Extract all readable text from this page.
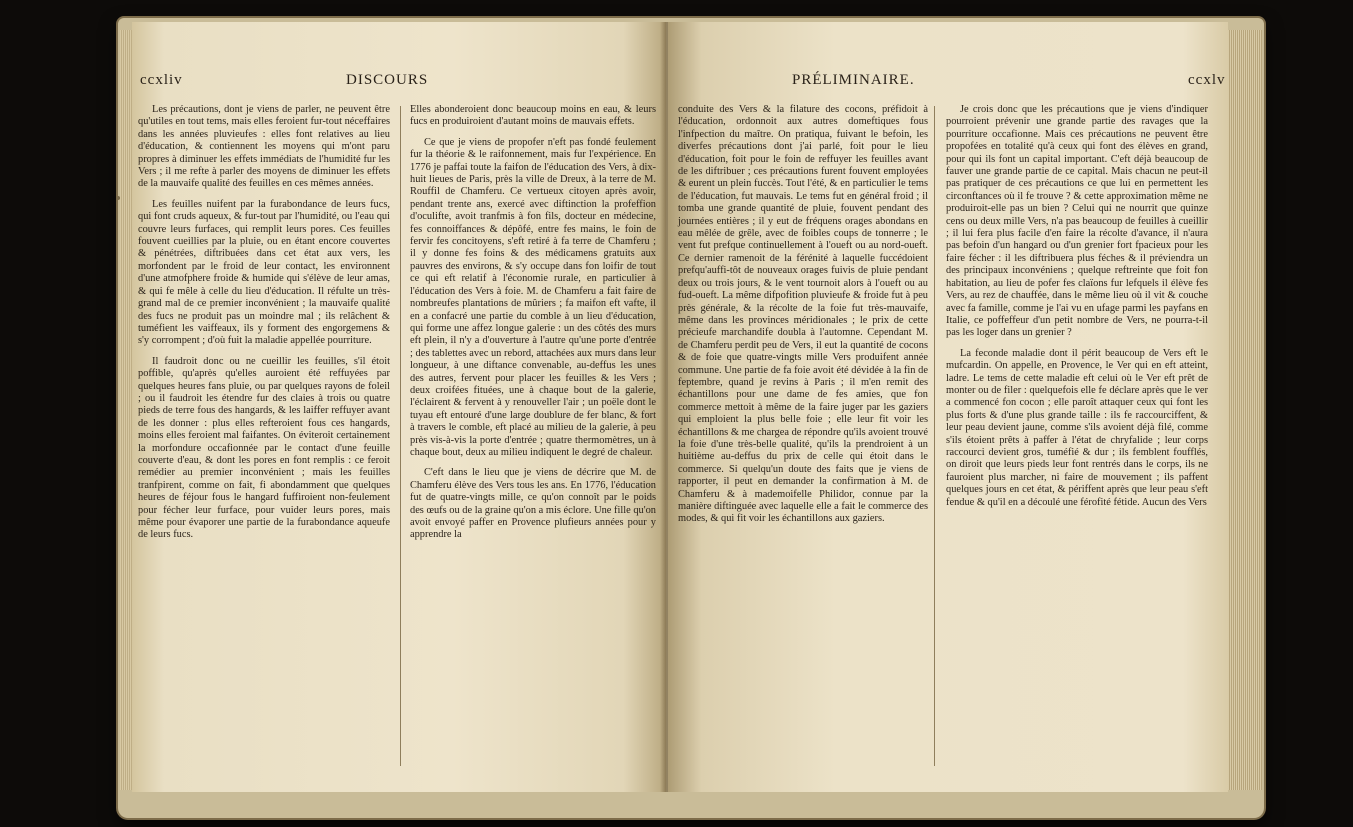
ccxliv	DISCOURS

Les précautions, dont je viens de parler, ne peuvent être qu'utiles en tout tems, mais elles feroient fur-tout néceffaires dans les années pluvieufes : elles font relatives au lieu d'éducation, & contiennent les moyens qui m'ont paru propres à diminuer les effets immédiats de l'humidité fur les Vers ; il me refte à parler des moyens de diminuer les effets de la mauvaife qualité des feuilles en ces mêmes années.

Les feuilles nuifent par la furabondance de leurs fucs, qui font cruds aqueux, & fur-tout par l'humidité, ou l'eau qui couvre leurs furfaces, qui remplit leurs pores. Ces feuilles fouvent cueillies par la pluie, ou en étant encore couvertes & pénétrées, diftribuées dans cet état aux vers, les morfondent par le froid de leur contact, les environnent d'une atmofphere froide & humide qui s'élève de leur amas, & qui fe mêle à celle du lieu d'éducation. Il réfulte un très-grand mal de ce premier inconvénient ; la mauvaife qualité des fucs ne produit pas un moindre mal ; ils relâchent & tuméfient les vaiffeaux, ils y forment des engorgemens & s'y corrompent ; d'où fuit la maladie appellée pourriture.

Il faudroit donc ou ne cueillir les feuilles, s'il étoit poffible, qu'après qu'elles auroient été reffuyées par quelques heures fans pluie, ou par quelques rayons de foleil ; ou il faudroit les étendre fur des claies à trois ou quatre pieds de terre fous des hangards, & les laiffer reffuyer avant de les donner : plus elles refteroient fous ces hangards, moins elles feroient mal faifantes. On éviteroit certainement la morfondure occafionnée par le contact d'une feuille couverte d'eau, & dont les pores en font remplis : ce feroit remédier au premier inconvénient ; mais les feuilles tranfpirent, comme on fait, fi abondamment que quelques heures de féjour fous le hangard fuffiroient non-feulement pour fécher leur furface, pour vuider leurs pores, mais même pour évaporer une partie de la furabondance aqueufe de leurs fucs.

Elles abonderoient donc beaucoup moins en eau, & leurs fucs en produiroient d'autant moins de mauvais effets.

Ce que je viens de propofer n'eft pas fondé feulement fur la théorie & le raifonnement, mais fur l'expérience. En 1776 je paffai toute la faifon de l'éducation des Vers, à dix-huit lieues de Paris, près la ville de Dreux, à la terre de M. Rouffil de Chamferu. Ce vertueux citoyen après avoir, pendant trente ans, exercé avec diftinction la profeffion d'oculifte, avoit tranfmis à fon fils, docteur en médecine, fes connoiffances & dépôfé, entre fes mains, le foin de fervir fes concitoyens, s'eft retiré à fa terre de Chamferu ; il y donne fes foins & des médicamens gratuits aux pauvres des environs, & s'y occupe dans fon loifir de tout ce qui eft relatif à l'économie rurale, en particulier à l'éducation des Vers à foie. M. de Chamferu a fait faire de nombreufes plantations de mûriers ; fa maifon eft vafte, il en a confacré une partie du comble à un lieu d'éducation, qui forme une affez longue galerie : un des côtés des murs eft plein, il n'y a d'ouverture à l'autre qu'une porte d'entrée ; des tablettes avec un rebord, attachées aux murs dans leur longueur, à une diftance convenable, au-deffus les unes des autres, fervent pour placer les feuilles & les Vers ; deux croifées fituées, une à chaque bout de la galerie, l'éclairent & fervent à y renouveller l'air ; un poële dont le tuyau eft entouré d'une large doublure de fer blanc, & fort à travers le comble, eft placé au milieu de la galerie, à peu près vis-à-vis la porte d'entrée ; quatre thermomètres, un à chaque bout, deux au milieu indiquent le degré de chaleur.

C'eft dans le lieu que je viens de décrire que M. de Chamferu élève des Vers tous les ans. En 1776, l'éducation fut de quatre-vingts mille, ce qu'on connoît par le poids des œufs ou de la graine qu'on a mis éclore. Une fille qu'on avoit envoyé paffer en Provence plufieurs années pour y apprendre la

PRÉLIMINAIRE.	ccxlv

conduite des Vers & la filature des cocons, préfidoit à l'éducation, ordonnoit aux autres domeftiques fous l'infpection du maître. On pratiqua, fuivant le befoin, les diverfes précautions dont j'ai parlé, foit pour le lieu d'éducation, foit pour le foin de reffuyer les feuilles avant de les diftribuer ; ces précautions furent fouvent employées & eurent un plein fuccès. Tout l'été, & en particulier le tems de l'éducation, fut mauvais. Le tems fut en général froid ; il tomba une grande quantité de pluie, fouvent pendant des journées entières ; il y eut de fréquens orages abondans en eau mêlée de grêle, avec de foibles coups de tonnerre ; le vent fut prefque continuellement à l'oueft ou au nord-oueft. Ce dernier ramenoit de la férénité à laquelle fuccédoient prefqu'auffi-tôt de nouveaux orages fuivis de pluie pendant deux ou trois jours, & le vent tournoit alors à l'oueft ou au fud-oueft. La même difpofition pluvieufe & froide fut à peu près générale, & la récolte de la foie fut très-mauvaife, même dans les provinces méridionales ; le prix de cette précieufe marchandife doubla à l'automne. Cependant M. de Chamferu perdit peu de Vers, il eut la quantité de cocons & de foie que quatre-vingts mille Vers produifent année commune. Une partie de fa foie avoit été dévidée à la fin de feptembre, quand je revins à Paris ; il m'en remit des échantillons pour une dame de fes amies, que fon commerce mettoit à même de la faire juger par les gaziers qui emploient la plus belle foie ; elle leur fit voir les échantillons & me chargea de répondre qu'ils avoient trouvé la foie d'une très-belle qualité, qu'ils la prendroient à un huitième au-deffus du prix de celle qui étoit dans le commerce. Si quelqu'un doute des faits que je viens de rapporter, il peut en demander la confirmation à M. de Chamferu & à mademoifelle Philidor, connue par la manière diftinguée avec laquelle elle a fait le commerce des modes, & qui fit voir les échantillons aux gaziers.

Je crois donc que les précautions que je viens d'indiquer pourroient prévenir une grande partie des ravages que la pourriture occafionne. Mais ces précautions ne peuvent être propofées en totalité qu'à ceux qui font des élèves en grand, pour qui ils font un capital important. C'eft déjà beaucoup de fauver une grande partie de ce capital. Mais chacun ne peut-il pas pratiquer de ces précautions ce que lui en permettent les circonftances où il fe trouve ? & cette approximation même ne produiroit-elle pas un bien ? Celui qui ne nourrit que quinze cens ou deux mille Vers, n'a pas beaucoup de feuilles à cueillir ; il lui fera plus facile d'en faire la récolte d'avance, il n'aura pas befoin d'un hangard ou d'un grenier fort fpacieux pour les faire fécher : il les diftribuera plus féches & il préviendra un des principaux inconvéniens ; quelque reftreinte que foit fon habitation, au lieu de pofer fes claïons fur lefquels il élève fes Vers, au rez de chauffée, dans le même lieu où il vit & couche avec fa famille, comme je l'ai vu en ufage parmi les payfans en Italie, ce poffeffeur d'un petit nombre de Vers, ne pourra-t-il pas les loger dans un grenier ?

La feconde maladie dont il périt beaucoup de Vers eft le mufcardin. On appelle, en Provence, le Ver qui en eft atteint, ladre. Le tems de cette maladie eft celui où le Ver eft prêt de monter ou de filer : quelquefois elle fe déclare après que le ver a commencé fon cocon ; elle paroît attaquer ceux qui font les plus forts & d'une plus grande taille : ils fe raccourciffent, & leur peau devient jaune, comme s'ils avoient déjà filé, comme s'ils étoient prêts à paffer à l'état de chryfalide ; leur corps raccourci devient gros, tuméfié & dur ; ils femblent foufflés, on diroit que leurs pieds leur font rentrés dans le corps, ils ne fauroient plus marcher, ni faire de mouvement ; ils paffent quelques jours en cet état, & périffent après que leur peau s'eft fendue & qu'il en a découlé une férofité fétide. Aucun des Vers
